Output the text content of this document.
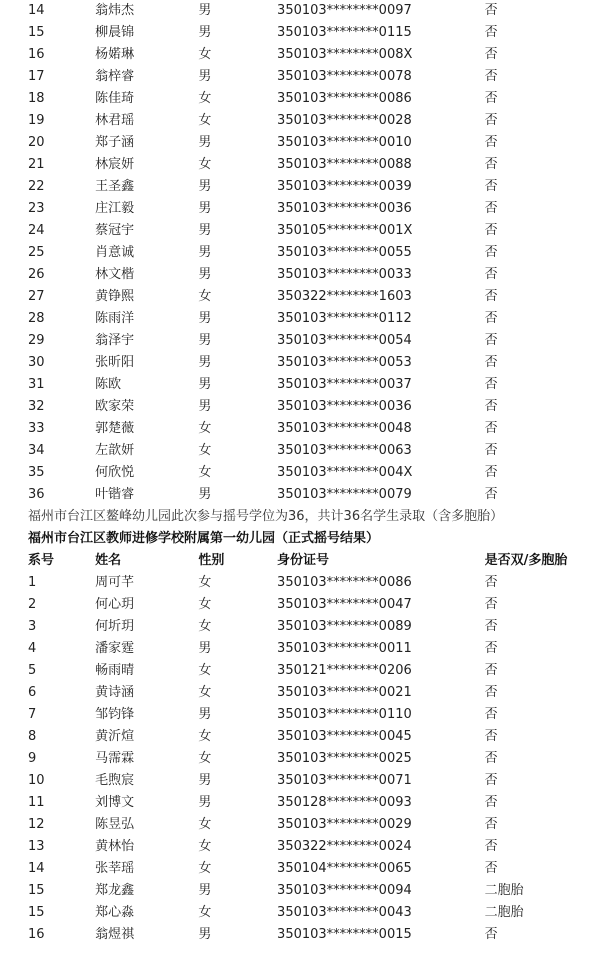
14	翁炜杰	男	350103********0097	否
15	柳晨锦	男	350103********0115	否
16	杨婼琳	女	350103********008X	否
17	翁梓睿	男	350103********0078	否
18	陈佳琦	女	350103********0086	否
19	林君瑶	女	350103********0028	否
20	郑子涵	男	350103********0010	否
21	林宸妍	女	350103********0088	否
22	王圣鑫	男	350103********0039	否
23	庄江毅	男	350103********0036	否
24	蔡冠宇	男	350105********001X	否
25	肖意诚	男	350103********0055	否
26	林文楷	男	350103********0033	否
27	黄铮熙	女	350322********1603	否
28	陈雨洋	男	350103********0112	否
29	翁泽宇	男	350103********0054	否
30	张昕阳	男	350103********0053	否
31	陈欧	男	350103********0037	否
32	欧家荣	男	350103********0036	否
33	郭楚薇	女	350103********0048	否
34	左歆妍	女	350103********0063	否
35	何欣悦	女	350103********004X	否
36	叶锴睿	男	350103********0079	否
福州市台江区鳌峰幼儿园此次参与摇号学位为36，共计36名学生录取（含多胞胎）
福州市台江区教师进修学校附属第一幼儿园（正式摇号结果）
系号	姓名	性别	身份证号	是否双/多胞胎
1	周可芊	女	350103********0086	否
2	何心玥	女	350103********0047	否
3	何圻玥	女	350103********0089	否
4	潘家霆	男	350103********0011	否
5	畅雨晴	女	350121********0206	否
6	黄诗涵	女	350103********0021	否
7	邹钧锋	男	350103********0110	否
8	黄沂煊	女	350103********0045	否
9	马霈霖	女	350103********0025	否
10	毛煦宸	男	350103********0071	否
11	刘博文	男	350128********0093	否
12	陈昱弘	女	350103********0029	否
13	黄林怡	女	350322********0024	否
14	张莘瑶	女	350104********0065	否
15	郑龙鑫	男	350103********0094	二胞胎
15	郑心淼	女	350103********0043	二胞胎
16	翁煜祺	男	350103********0015	否
